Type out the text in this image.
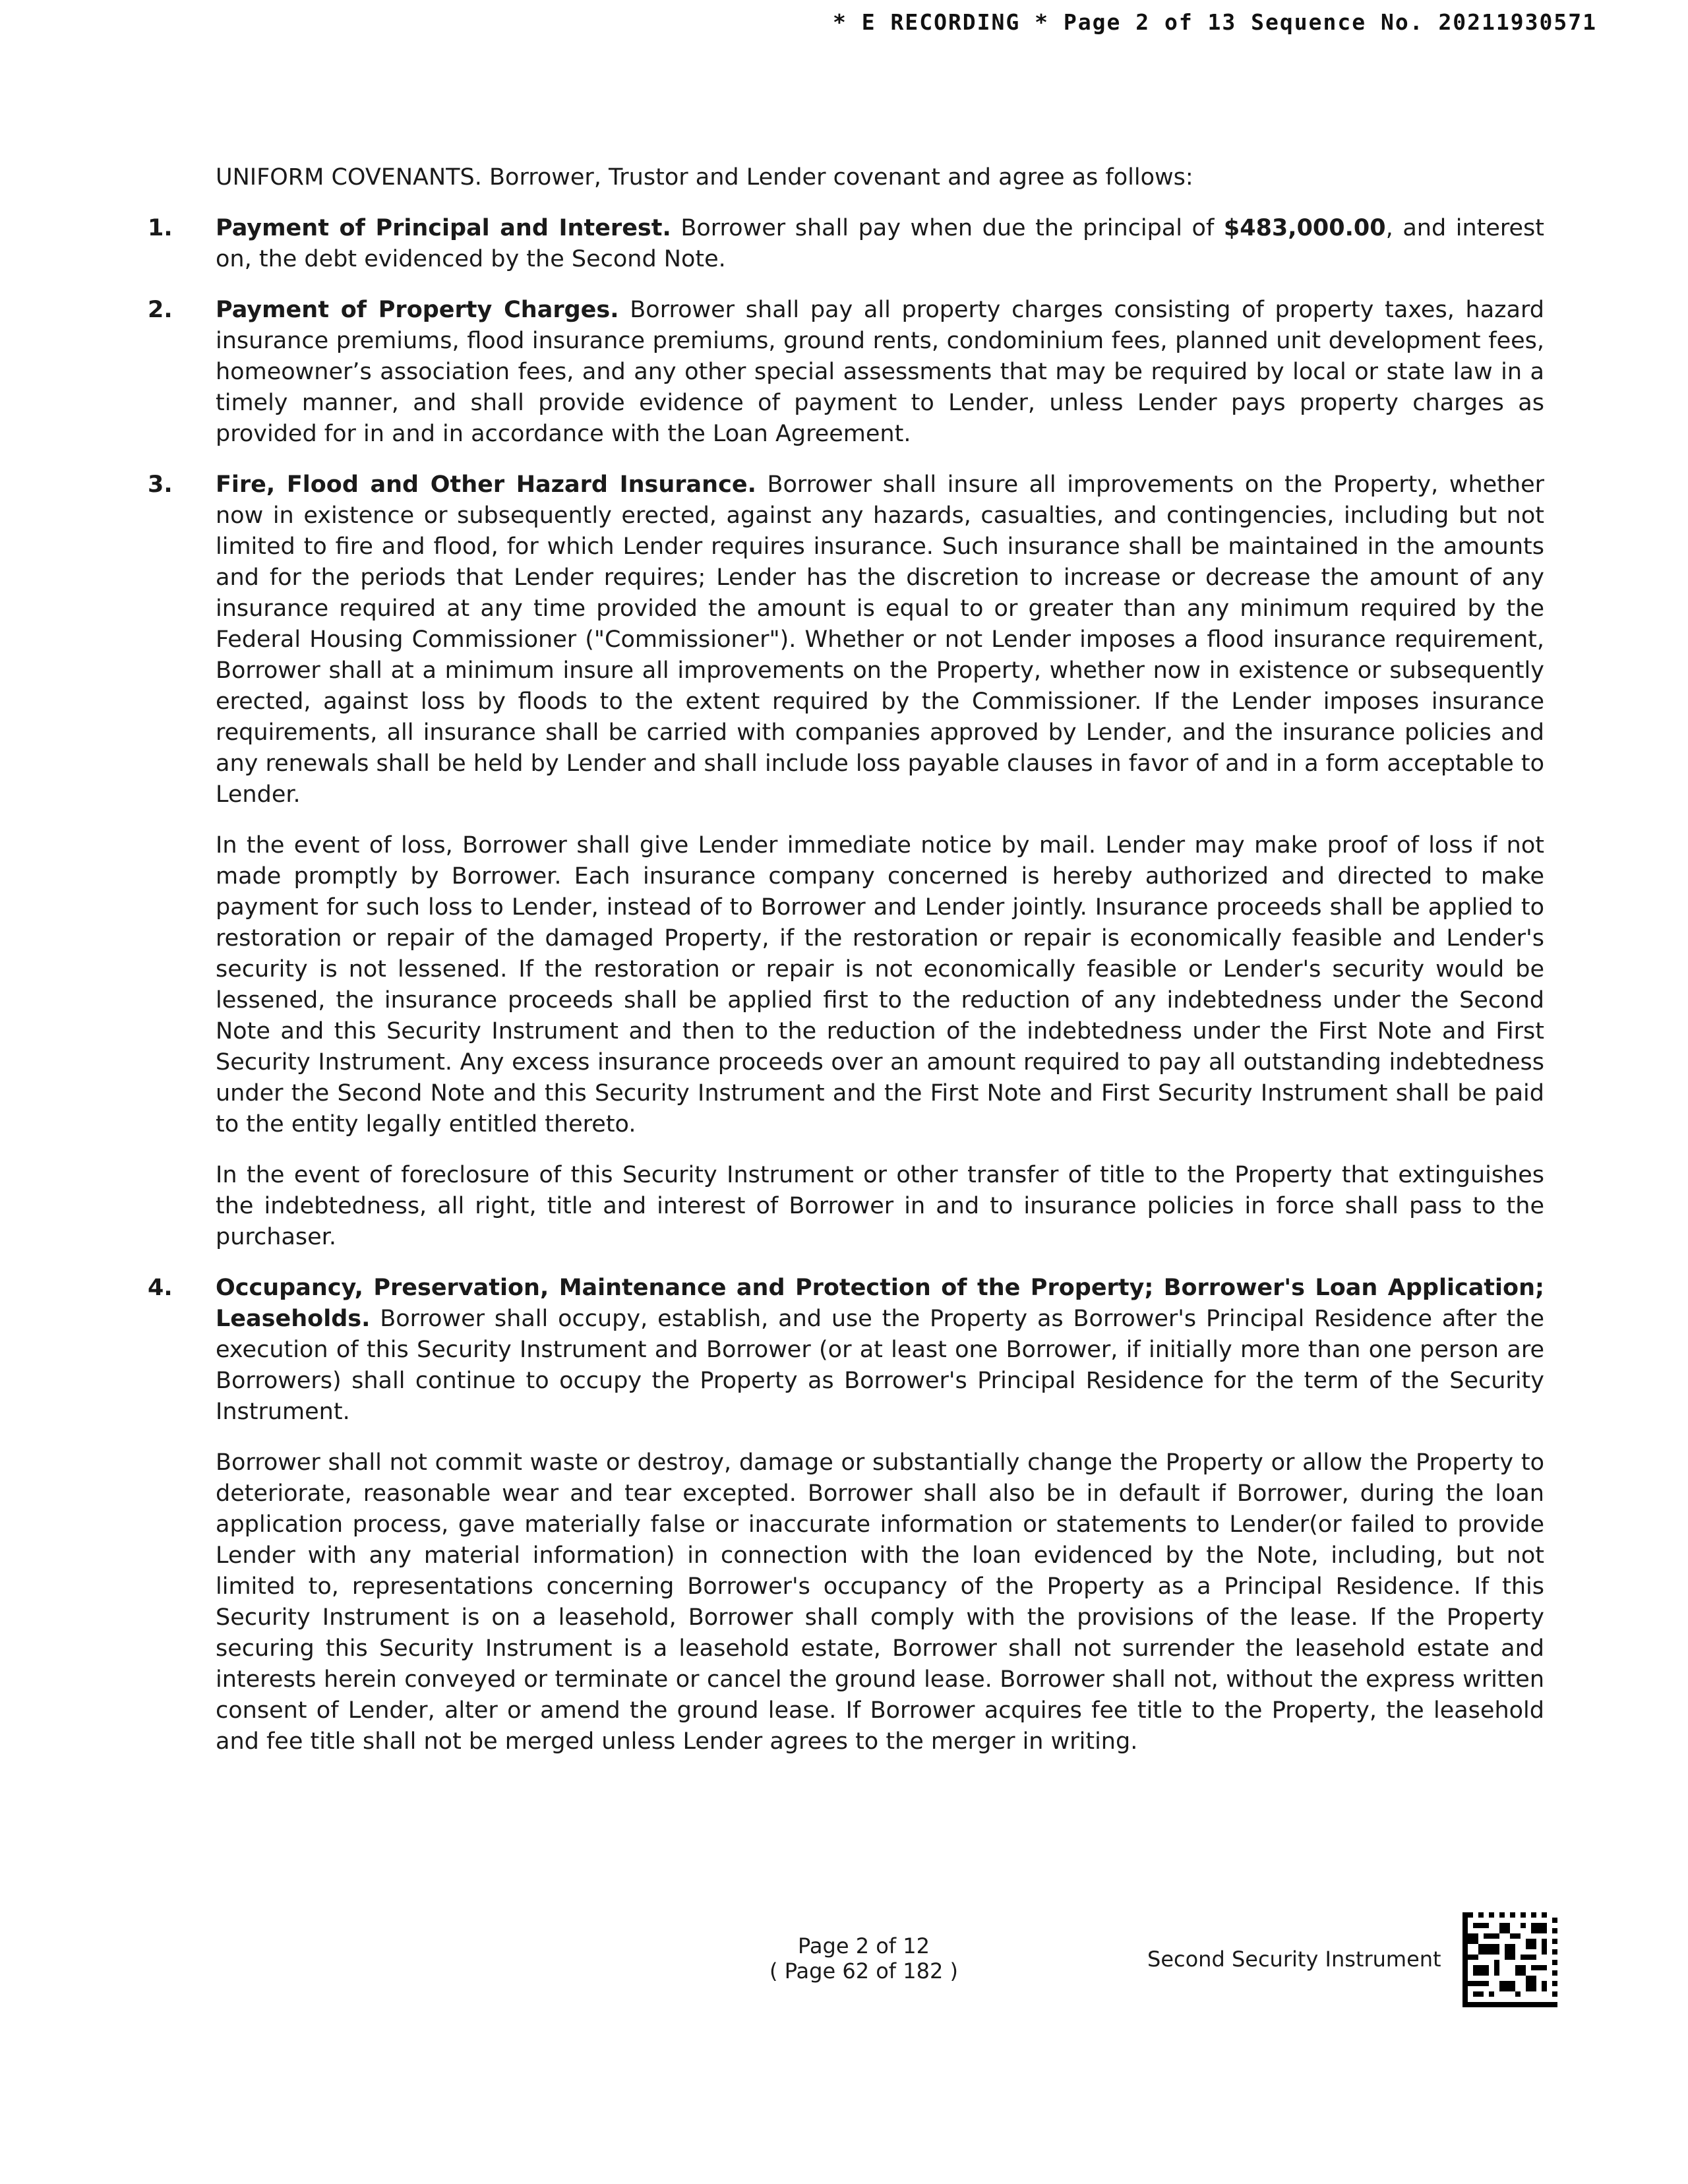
* E RECORDING * Page 2 of 13 Sequence No. 20211930571
UNIFORM COVENANTS. Borrower, Trustor and Lender covenant and agree as follows:
1.	Payment of Principal and Interest. Borrower shall pay when due the principal of $483,000.00, and interest on, the debt evidenced by the Second Note.
2.	Payment of Property Charges. Borrower shall pay all property charges consisting of property taxes, hazard insurance premiums, flood insurance premiums, ground rents, condominium fees, planned unit development fees, homeowner’s association fees, and any other special assessments that may be required by local or state law in a timely manner, and shall provide evidence of payment to Lender, unless Lender pays property charges as provided for in and in accordance with the Loan Agreement.
3.	Fire, Flood and Other Hazard Insurance. Borrower shall insure all improvements on the Property, whether now in existence or subsequently erected, against any hazards, casualties, and contingencies, including but not limited to fire and flood, for which Lender requires insurance. Such insurance shall be maintained in the amounts and for the periods that Lender requires; Lender has the discretion to increase or decrease the amount of any insurance required at any time provided the amount is equal to or greater than any minimum required by the Federal Housing Commissioner ("Commissioner"). Whether or not Lender imposes a flood insurance requirement, Borrower shall at a minimum insure all improvements on the Property, whether now in existence or subsequently erected, against loss by floods to the extent required by the Commissioner. If the Lender imposes insurance requirements, all insurance shall be carried with companies approved by Lender, and the insurance policies and any renewals shall be held by Lender and shall include loss payable clauses in favor of and in a form acceptable to Lender.
In the event of loss, Borrower shall give Lender immediate notice by mail. Lender may make proof of loss if not made promptly by Borrower. Each insurance company concerned is hereby authorized and directed to make payment for such loss to Lender, instead of to Borrower and Lender jointly. Insurance proceeds shall be applied to restoration or repair of the damaged Property, if the restoration or repair is economically feasible and Lender's security is not lessened. If the restoration or repair is not economically feasible or Lender's security would be lessened, the insurance proceeds shall be applied first to the reduction of any indebtedness under the Second Note and this Security Instrument and then to the reduction of the indebtedness under the First Note and First Security Instrument. Any excess insurance proceeds over an amount required to pay all outstanding indebtedness under the Second Note and this Security Instrument and the First Note and First Security Instrument shall be paid to the entity legally entitled thereto.
In the event of foreclosure of this Security Instrument or other transfer of title to the Property that extinguishes the indebtedness, all right, title and interest of Borrower in and to insurance policies in force shall pass to the purchaser.
4.	Occupancy, Preservation, Maintenance and Protection of the Property; Borrower's Loan Application; Leaseholds. Borrower shall occupy, establish, and use the Property as Borrower's Principal Residence after the execution of this Security Instrument and Borrower (or at least one Borrower, if initially more than one person are Borrowers) shall continue to occupy the Property as Borrower's Principal Residence for the term of the Security Instrument.
Borrower shall not commit waste or destroy, damage or substantially change the Property or allow the Property to deteriorate, reasonable wear and tear excepted. Borrower shall also be in default if Borrower, during the loan application process, gave materially false or inaccurate information or statements to Lender(or failed to provide Lender with any material information) in connection with the loan evidenced by the Note, including, but not limited to, representations concerning Borrower's occupancy of the Property as a Principal Residence. If this Security Instrument is on a leasehold, Borrower shall comply with the provisions of the lease. If the Property securing this Security Instrument is a leasehold estate, Borrower shall not surrender the leasehold estate and interests herein conveyed or terminate or cancel the ground lease. Borrower shall not, without the express written consent of Lender, alter or amend the ground lease. If Borrower acquires fee title to the Property, the leasehold and fee title shall not be merged unless Lender agrees to the merger in writing.
Page 2 of 12
( Page 62 of 182 )	Second Security Instrument
